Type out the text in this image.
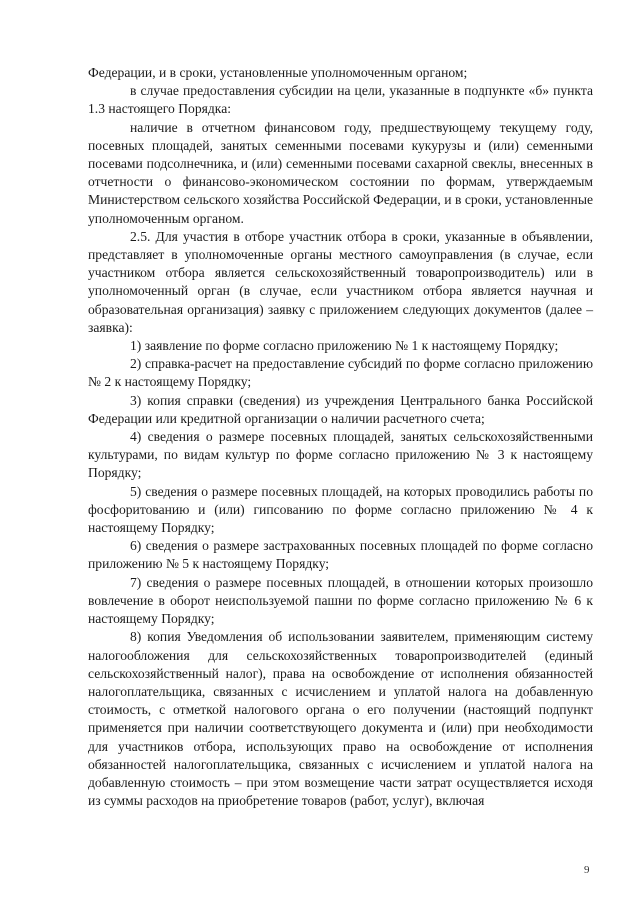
Федерации, и в сроки, установленные уполномоченным органом;

в случае предоставления субсидии на цели, указанные в подпункте «б» пункта 1.3 настоящего Порядка:

наличие в отчетном финансовом году, предшествующему текущему году, посевных площадей, занятых семенными посевами кукурузы и (или) семенными посевами подсолнечника, и (или) семенными посевами сахарной свеклы, внесенных в отчетности о финансово-экономическом состоянии по формам, утверждаемым Министерством сельского хозяйства Российской Федерации, и в сроки, установленные уполномоченным органом.

2.5. Для участия в отборе участник отбора в сроки, указанные в объявлении, представляет в уполномоченные органы местного самоуправления (в случае, если участником отбора является сельскохозяйственный товаропроизводитель) или в уполномоченный орган (в случае, если участником отбора является научная и образовательная организация) заявку с приложением следующих документов (далее – заявка):

1) заявление по форме согласно приложению № 1 к настоящему Порядку;

2) справка-расчет на предоставление субсидий по форме согласно приложению № 2 к настоящему Порядку;

3) копия справки (сведения) из учреждения Центрального банка Российской Федерации или кредитной организации о наличии расчетного счета;

4) сведения о размере посевных площадей, занятых сельскохозяйственными культурами, по видам культур по форме согласно приложению № 3 к настоящему Порядку;

5) сведения о размере посевных площадей, на которых проводились работы по фосфоритованию и (или) гипсованию по форме согласно приложению № 4 к настоящему Порядку;

6) сведения о размере застрахованных посевных площадей по форме согласно приложению № 5 к настоящему Порядку;

7) сведения о размере посевных площадей, в отношении которых произошло вовлечение в оборот неиспользуемой пашни по форме согласно приложению № 6 к настоящему Порядку;

8) копия Уведомления об использовании заявителем, применяющим систему налогообложения для сельскохозяйственных товаропроизводителей (единый сельскохозяйственный налог), права на освобождение от исполнения обязанностей налогоплательщика, связанных с исчислением и уплатой налога на добавленную стоимость, с отметкой налогового органа о его получении (настоящий подпункт применяется при наличии соответствующего документа и (или) при необходимости для участников отбора, использующих право на освобождение от исполнения обязанностей налогоплательщика, связанных с исчислением и уплатой налога на добавленную стоимость – при этом возмещение части затрат осуществляется исходя из суммы расходов на приобретение товаров (работ, услуг), включая

9
